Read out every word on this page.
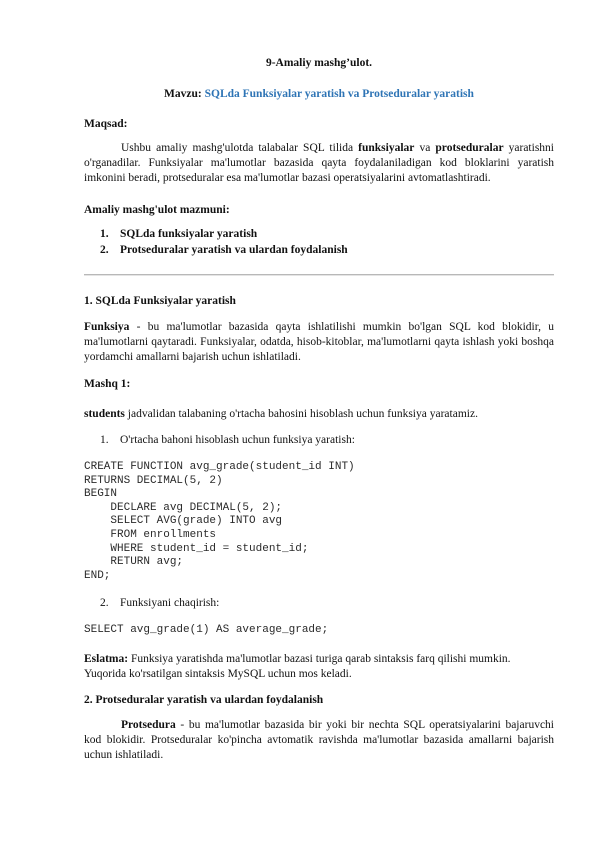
9-Amaliy mashg’ulot.
Mavzu: SQLda Funksiyalar yaratish va Protseduralar yaratish
Maqsad:
Ushbu amaliy mashg'ulotda talabalar SQL tilida funksiyalar va protseduralar yaratishni o'rganadilar. Funksiyalar ma'lumotlar bazasida qayta foydalaniladigan kod bloklarini yaratish imkonini beradi, protseduralar esa ma'lumotlar bazasi operatsiyalarini avtomatlashtiradi.
Amaliy mashg'ulot mazmuni:
1. SQLda funksiyalar yaratish
2. Protseduralar yaratish va ulardan foydalanish
1. SQLda Funksiyalar yaratish
Funksiya - bu ma'lumotlar bazasida qayta ishlatilishi mumkin bo'lgan SQL kod blokidir, u ma'lumotlarni qaytaradi. Funksiyalar, odatda, hisob-kitoblar, ma'lumotlarni qayta ishlash yoki boshqa yordamchi amallarni bajarish uchun ishlatiladi.
Mashq 1:
students jadvalidan talabaning o'rtacha bahosini hisoblash uchun funksiya yaratamiz.
1. O'rtacha bahoni hisoblash uchun funksiya yaratish:
CREATE FUNCTION avg_grade(student_id INT)
RETURNS DECIMAL(5, 2)
BEGIN
DECLARE avg DECIMAL(5, 2);
SELECT AVG(grade) INTO avg
FROM enrollments
WHERE student_id = student_id;
RETURN avg;
END;
2. Funksiyani chaqirish:
SELECT avg_grade(1) AS average_grade;
Eslatma: Funksiya yaratishda ma'lumotlar bazasi turiga qarab sintaksis farq qilishi mumkin. Yuqorida ko'rsatilgan sintaksis MySQL uchun mos keladi.
2. Protseduralar yaratish va ulardan foydalanish
Protsedura - bu ma'lumotlar bazasida bir yoki bir nechta SQL operatsiyalarini bajaruvchi kod blokidir. Protseduralar ko'pincha avtomatik ravishda ma'lumotlar bazasida amallarni bajarish uchun ishlatiladi.
